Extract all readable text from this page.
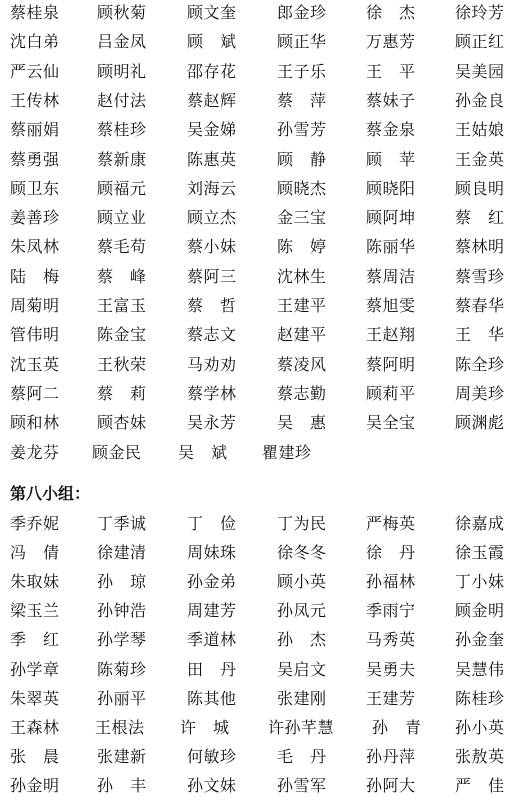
蔡桂泉 顾秋菊	顾文奎	郎金珍 徐　杰 徐玲芳
沈白弟 吕金凤	顾　斌	顾正华 万惠芳 顾正红
严云仙 顾明礼	邵存花	王子乐 王　平 吴美园
王传林 赵付法	蔡赵辉	蔡　萍 蔡妹子 孙金良
蔡丽娟 蔡桂珍	吴金娣	孙雪芳 蔡金泉 王姑娘
蔡勇强 蔡新康	陈惠英	顾　静 顾　苹 王金英
顾卫东 顾福元	刘海云	顾晓杰 顾晓阳 顾良明
姜善珍 顾立业	顾立杰	金三宝 顾阿坤 蔡　红
朱凤林 蔡毛苟	蔡小妹	陈　婷 陈丽华 蔡林明
陆　梅 蔡　峰	蔡阿三	沈林生 蔡周洁 蔡雪珍
周菊明 王富玉	蔡　哲	王建平 蔡旭雯 蔡春华
管伟明 陈金宝	蔡志文	赵建平 王赵翔 王　华
沈玉英 王秋荣	马劝劝	蔡凌风 蔡阿明 陈全珍
蔡阿二 蔡　莉	蔡学林	蔡志勤 顾莉平 周美珍
顾和林 顾杏妹	吴永芳	吴　惠 吴全宝 顾渊彪
姜龙芬 顾金民 吴　斌 瞿建珍
第八小组：
季乔妮 丁季诚	丁　俭	丁为民 严梅英 徐嘉成
冯　倩 徐建清	周妹珠	徐冬冬 徐　丹 徐玉霞
朱取妹 孙　琼	孙金弟	顾小英 孙福林 丁小妹
梁玉兰 孙钟浩	周建芳	孙凤元 季雨宁 顾金明
季　红 孙学琴	季道林	孙　杰 马秀英 孙金奎
孙学章 陈菊珍	田　丹	吴启文 吴勇夫 吴慧伟
朱翠英 孙丽平	陈其他	张建刚 王建芳 陈桂珍
王森林 王根法 许　城 许孙芊慧 孙　青 孙小英
张　晨 张建新	何敏珍	毛　丹 孙丹萍 张敖英
孙金明 孙　丰	孙文妹	孙雪军 孙阿大 严　佳
